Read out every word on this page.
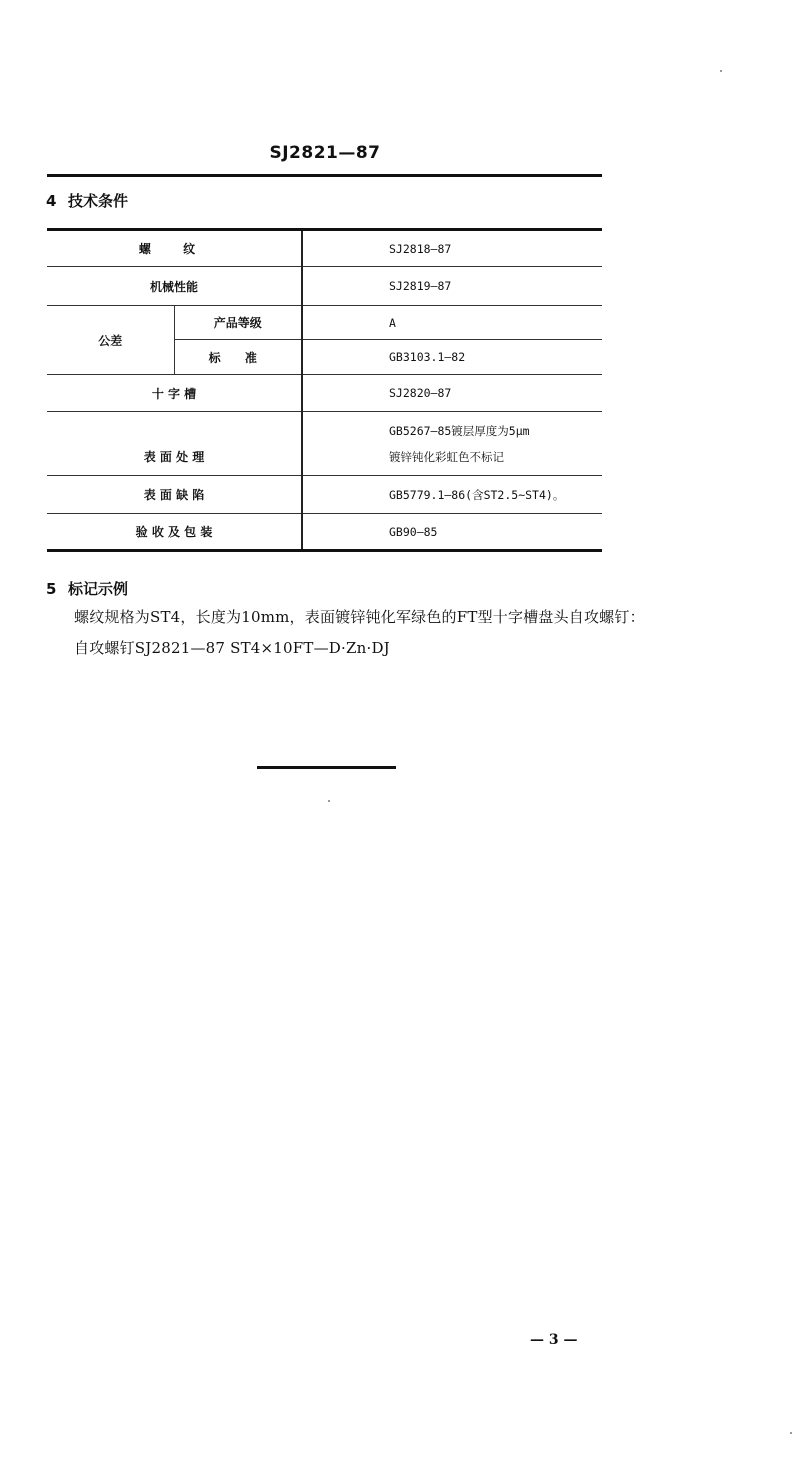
SJ2821—87
4 技术条件
螺 纹		SJ2818—87
机械性能		SJ2819—87
公差	产品等级	A
	标 准	GB3103.1—82
十 字 槽		SJ2820—87
表 面 处 理		GB5267—85镀层厚度为5μm
镀锌钝化彩虹色不标记

表 面 缺 陷		GB5779.1—86(含ST2.5~ST4)。
验 收 及 包 装		GB90—85
5 标记示例
螺纹规格为ST4，长度为10mm，表面镀锌钝化军绿色的FT型十字槽盘头自攻螺钉：
自攻螺钉SJ2821—87 ST4×10FT—D·Zn·DJ
— 3 —
